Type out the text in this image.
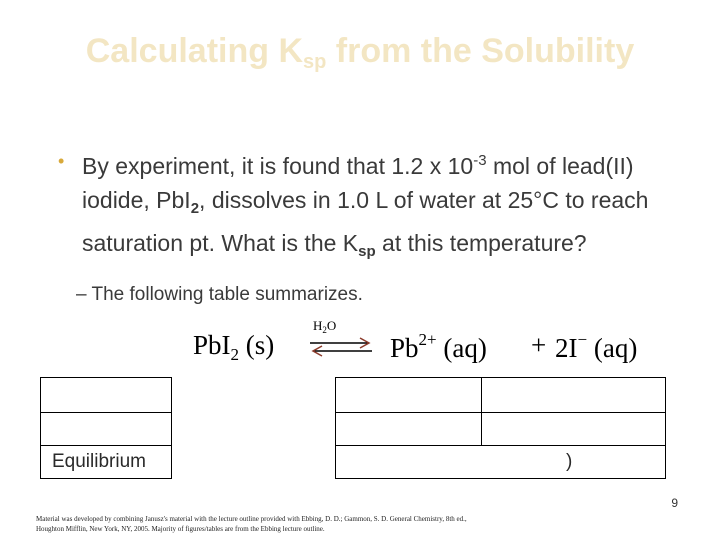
Calculating $K_{sp}$ from the Solubility
• By experiment, it is found that 1.2 x $10^{-3}$ mol of lead(II) iodide, PbI$_2$, dissolves in 1.0 L of water at 25°C to reach saturation pt. What is the $K_{sp}$ at this temperature?
– The following table summarizes.
PbI$_2$ (s)
$H_2O$
⇌ $Pb^{2+}$ (aq) + 2I− (aq)
Equilibrium	)
9
Material was developed by combining Janusz's material with the lecture outline provided with Ebbing, D. D.; Gammon, S. D. General Chemistry, 8th ed., Houghton Mifflin, New York, NY, 2005. Majority of figures/tables are from the Ebbing lecture outline.
